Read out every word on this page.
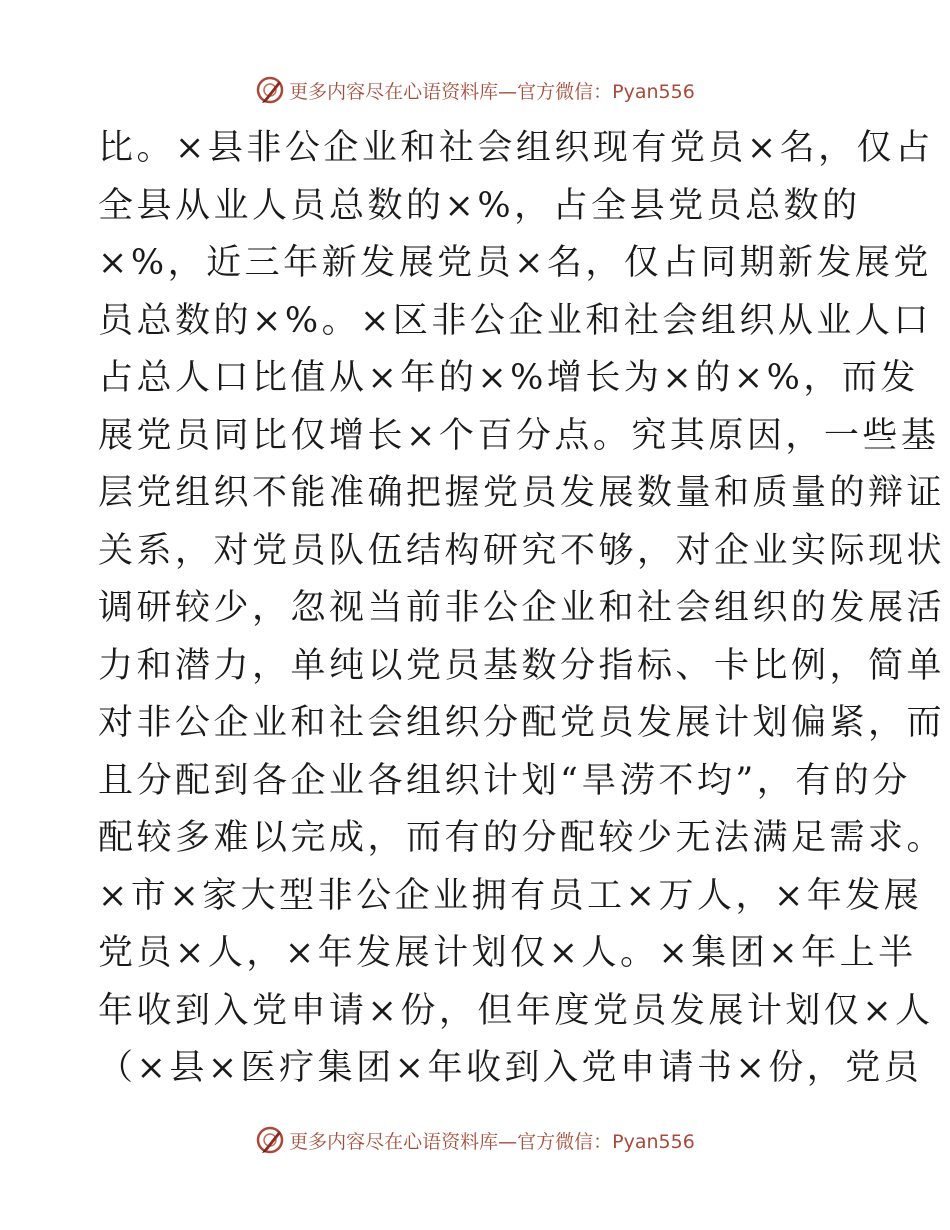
更多内容尽在心语资料库—官方微信：Pyan556
比。×县非公企业和社会组织现有党员×名，仅占
全县从业人员总数的×%，占全县党员总数的
×%，近三年新发展党员×名，仅占同期新发展党
员总数的×%。×区非公企业和社会组织从业人口
占总人口比值从×年的×%增长为×的×%，而发
展党员同比仅增长×个百分点。究其原因，一些基
层党组织不能准确把握党员发展数量和质量的辩证
关系，对党员队伍结构研究不够，对企业实际现状
调研较少，忽视当前非公企业和社会组织的发展活
力和潜力，单纯以党员基数分指标、卡比例，简单
对非公企业和社会组织分配党员发展计划偏紧，而
且分配到各企业各组织计划“旱涝不均”，有的分
配较多难以完成，而有的分配较少无法满足需求。
×市×家大型非公企业拥有员工×万人，×年发展
党员×人，×年发展计划仅×人。×集团×年上半
年收到入党申请×份，但年度党员发展计划仅×人
（×县×医疗集团×年收到入党申请书×份，党员
更多内容尽在心语资料库—官方微信：Pyan556
